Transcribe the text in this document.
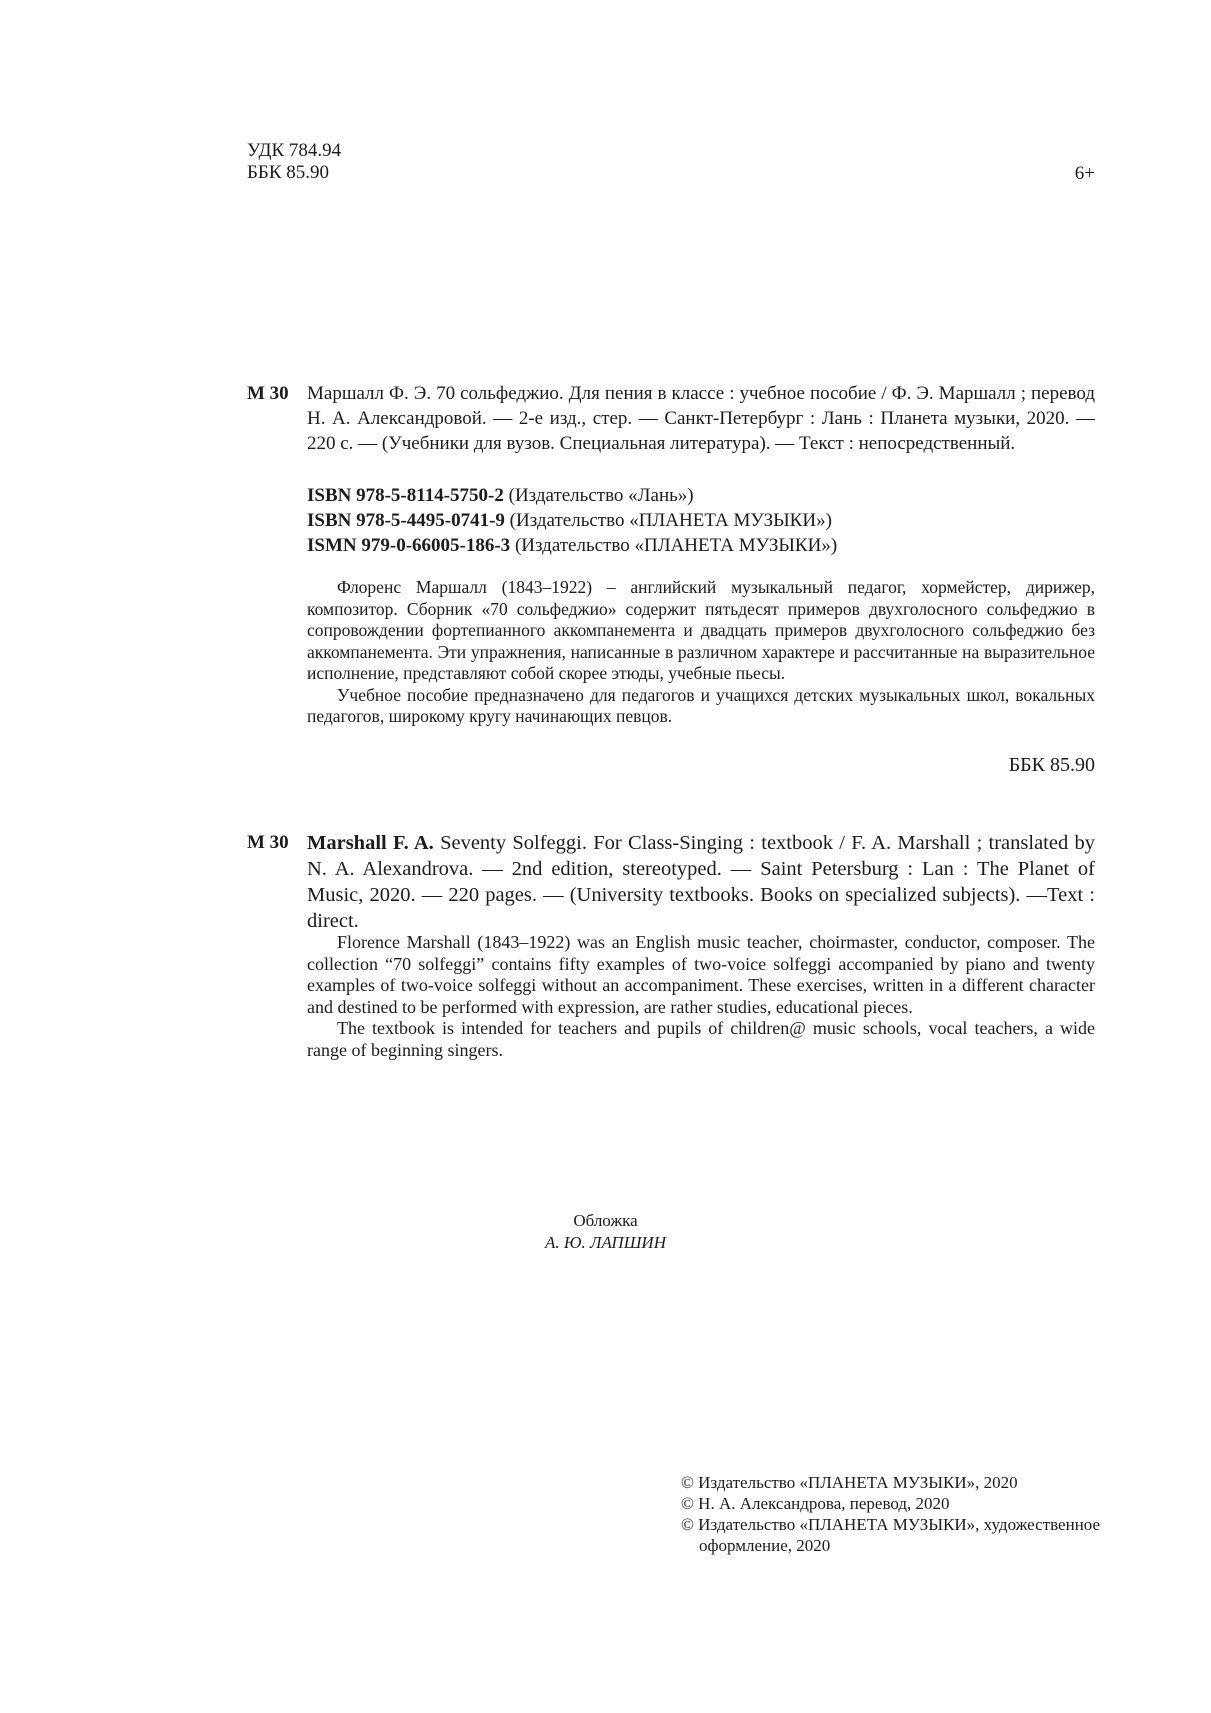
УДК 784.94
ББК 85.90	6+
М 30 Маршалл Ф. Э. 70 сольфеджио. Для пения в классе : учебное пособие / Ф. Э. Маршалл ; перевод Н. А. Александровой. — 2-е изд., стер. — Санкт-Петербург : Лань : Планета музыки, 2020. — 220 с. — (Учебники для вузов. Специальная литература). — Текст : непосредственный.
ISBN 978-5-8114-5750-2 (Издательство «Лань»)
ISBN 978-5-4495-0741-9 (Издательство «ПЛАНЕТА МУЗЫКИ»)
ISMN 979-0-66005-186-3 (Издательство «ПЛАНЕТА МУЗЫКИ»)

Флоренс Маршалл (1843–1922) – английский музыкальный педагог, хормейстер, дирижер, композитор. Сборник «70 сольфеджио» содержит пятьдесят примеров двухголосного сольфеджио в сопровождении фортепианного аккомпанемента и двадцать примеров двухголосного сольфеджио без аккомпанемента. Эти упражнения, написанные в различном характере и рассчитанные на выразительное исполнение, представляют собой скорее этюды, учебные пьесы.

Учебное пособие предназначено для педагогов и учащихся детских музыкальных школ, вокальных педагогов, широкому кругу начинающих певцов.

ББК 85.90
M 30 Marshall F. A. Seventy Solfeggi. For Class-Singing : textbook / F. A. Marshall ; translated by N. A. Alexandrova. — 2nd edition, stereotyped. — Saint Petersburg : Lan : The Planet of Music, 2020. — 220 pages. — (University textbooks. Books on specialized subjects). —Text : direct.

Florence Marshall (1843–1922) was an English music teacher, choirmaster, conductor, composer. The collection “70 solfeggi” contains fifty examples of two-voice solfeggi accompanied by piano and twenty examples of two-voice solfeggi without an accompaniment. These exercises, written in a different character and destined to be performed with expression, are rather studies, educational pieces.

The textbook is intended for teachers and pupils of children@ music schools, vocal teachers, a wide range of beginning singers.

Обложка
А. Ю. ЛАПШИН
© Издательство «ПЛАНЕТА МУЗЫКИ», 2020
© Н. А. Александрова, перевод, 2020
© Издательство «ПЛАНЕТА МУЗЫКИ», художественное оформление, 2020
